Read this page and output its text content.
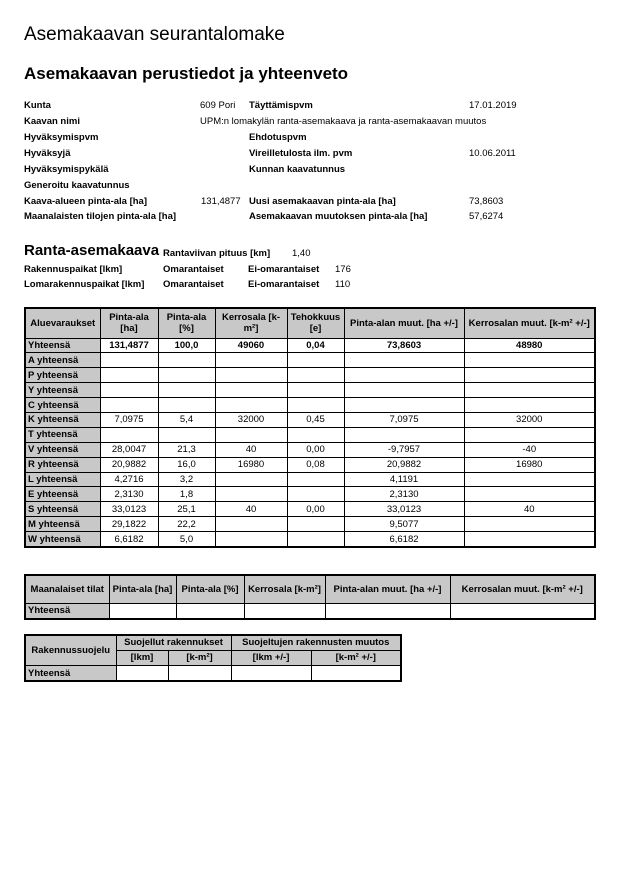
Asemakaavan seurantalomake
Asemakaavan perustiedot ja yhteenveto
Kunta	609 Pori Täyttämispvm	17.01.2019
Kaavan nimi	UPM:n lomakylän ranta-asemakaava ja ranta-asemakaavan muutos
Hyväksymispvm	Ehdotuspvm
Hyväksyjä	Vireilletulosta ilm. pvm	10.06.2011
Hyväksymispykälä	Kunnan kaavatunnus
Generoitu kaavatunnus
Kaava-alueen pinta-ala [ha]	131,4877 Uusi asemakaavan pinta-ala [ha]	73,8603
Maanalaisten tilojen pinta-ala [ha]	Asemakaavan muutoksen pinta-ala [ha]	57,6274
Ranta-asemakaava Rantaviivan pituus [km] 1,40
Rakennuspaikat [lkm]	Omarantaiset	Ei-omarantaiset 176
Lomarakennuspaikat [lkm] Omarantaiset	Ei-omarantaiset 110
Aluevaraukset	Pinta-ala [ha]	Pinta-ala [%]	Kerrosala [k-m²]	Tehokkuus [e]	Pinta-alan muut. [ha +/-]	Kerrosalan muut. [k-m² +/-]
Yhteensä	131,4877	100,0	49060	0,04	73,8603	48980
A yhteensä						
P yhteensä						
Y yhteensä						
C yhteensä						
K yhteensä	7,0975	5,4	32000	0,45	7,0975	32000
T yhteensä						
V yhteensä	28,0047	21,3	40	0,00	-9,7957	-40
R yhteensä	20,9882	16,0	16980	0,08	20,9882	16980
L yhteensä	4,2716	3,2			4,1191	
E yhteensä	2,3130	1,8			2,3130	
S yhteensä	33,0123	25,1	40	0,00	33,0123	40
M yhteensä	29,1822	22,2			9,5077	
W yhteensä	6,6182	5,0			6,6182	
Maanalaiset tilat	Pinta-ala [ha]	Pinta-ala [%]	Kerrosala [k-m²]	Pinta-alan muut. [ha +/-]	Kerrosalan muut. [k-m² +/-]
Yhteensä					
Rakennussuojelu	Suojellut rakennukset		Suojeltujen rakennusten muutos	
	[lkm]	[k-m²]	[lkm +/-]	[k-m² +/-]
Yhteensä				
